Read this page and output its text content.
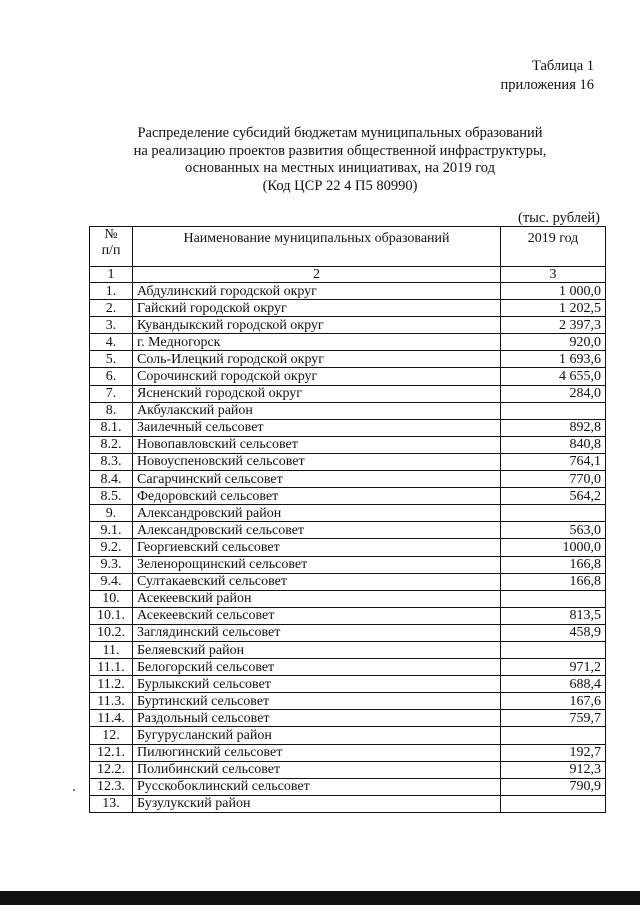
Таблица 1
приложения 16
Распределение субсидий бюджетам муниципальных образований
на реализацию проектов развития общественной инфраструктуры,
основанных на местных инициативах, на 2019 год
(Код ЦСР 22 4 П5 80990)
(тыс. рублей)
№
п/п	Наименование муниципальных образований	2019 год
1	2	3
1.	Абдулинский городской округ	1 000,0
2.	Гайский городской округ	1 202,5
3.	Кувандыкский городской округ	2 397,3
4.	г. Медногорск	920,0
5.	Соль-Илецкий городской округ	1 693,6
6.	Сорочинский городской округ	4 655,0
7.	Ясненский городской округ	284,0
8.	Акбулакский район	
8.1.	Заилечный сельсовет	892,8
8.2.	Новопавловский сельсовет	840,8
8.3.	Новоуспеновский сельсовет	764,1
8.4.	Сагарчинский сельсовет	770,0
8.5.	Федоровский сельсовет	564,2
9.	Александровский район	
9.1.	Александровский сельсовет	563,0
9.2.	Георгиевский сельсовет	1000,0
9.3.	Зеленорощинский сельсовет	166,8
9.4.	Султакаевский сельсовет	166,8
10.	Асекеевский район	
10.1.	Асекеевский сельсовет	813,5
10.2.	Заглядинский сельсовет	458,9
11.	Беляевский район	
11.1.	Белогорский сельсовет	971,2
11.2.	Бурлыкский сельсовет	688,4
11.3.	Буртинский сельсовет	167,6
11.4.	Раздольный сельсовет	759,7
12.	Бугурусланский район	
12.1.	Пилюгинский сельсовет	192,7
12.2.	Полибинский сельсовет	912,3
12.3.	Русскобоклинский сельсовет	790,9
13.	Бузулукский район	
